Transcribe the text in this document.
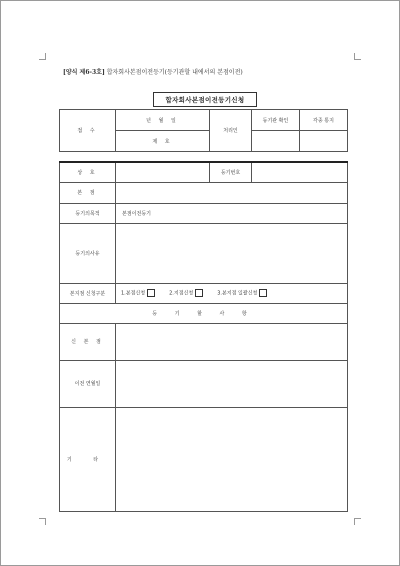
[양식 제6-3호] 합자회사본점이전등기(등기관할 내에서의 본점이전)
합자회사본점이전등기신청
접 수	년 월 일	처리인	등기관 확인	각종 통지
	제 호			
상 호		등기번호	
본 점			
등기의목적	본점이전등기		
등기의사유			
본지점 신청구분	1.본점신청 2.지점신청 3.본지점 일괄신청		

등 기 할 사 항			
신 본 점			
이전 연월일			
기 타			
